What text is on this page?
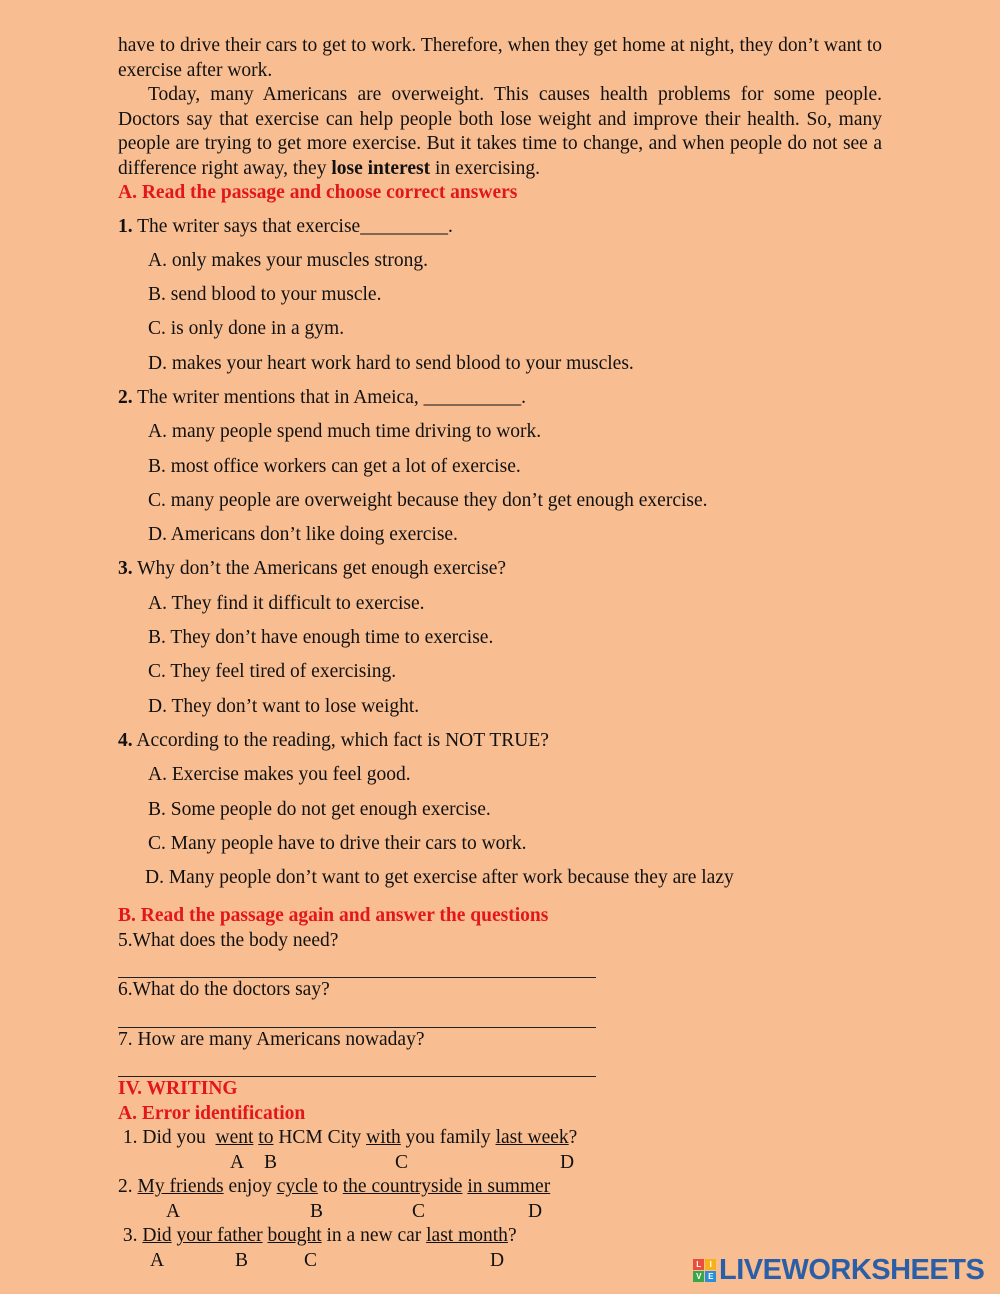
have to drive their cars to get to work. Therefore, when they get home at night, they don’t want to exercise after work.

Today, many Americans are overweight. This causes health problems for some people. Doctors say that exercise can help people both lose weight and improve their health. So, many people are trying to get more exercise. But it takes time to change, and when people do not see a difference right away, they lose interest in exercising.

A. Read the passage and choose correct answers
1. The writer says that exercise_________.
A. only makes your muscles strong.
B. send blood to your muscle.
C. is only done in a gym.
D. makes your heart work hard to send blood to your muscles.
2. The writer mentions that in Ameica, __________.
A. many people spend much time driving to work.
B. most office workers can get a lot of exercise.
C. many people are overweight because they don’t get enough exercise.
D. Americans don’t like doing exercise.
3. Why don’t the Americans get enough exercise?
A. They find it difficult to exercise.
B. They don’t have enough time to exercise.
C. They feel tired of exercising.
D. They don’t want to lose weight.
4. According to the reading, which fact is NOT TRUE?
A. Exercise makes you feel good.
B. Some people do not get enough exercise.
C. Many people have to drive their cars to work.
D. Many people don’t want to get exercise after work because they are lazy
B. Read the passage again and answer the questions
5.What does the body need?
6.What do the doctors say?
7. How are many Americans nowaday?
IV. WRITING
A. Error identification
1. Did you  went to HCM City with you family last week?
A B	C	D
2. My friends enjoy cycle to the countryside in summer
A	B	C	D
3. Did your father bought in a new car last month?
A	B	C	D	L	I
V E LIVEWORKSHEETS
